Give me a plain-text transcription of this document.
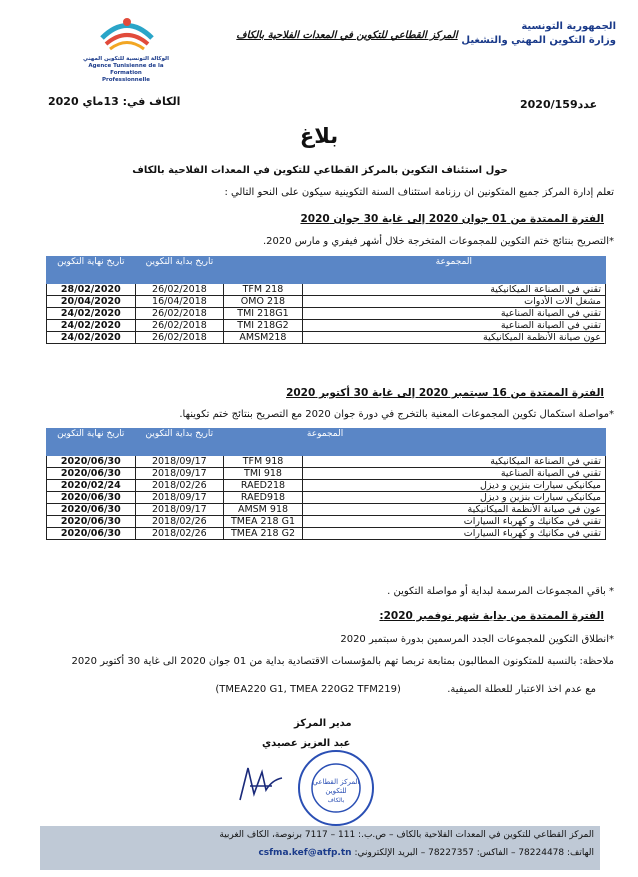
الجمهورية التونسية
وزارة التكوين المهني والتشغيل
المركز القطاعي للتكوين في المعدات الفلاحية بالكاف
الوكالة التونسية للتكوين المهني
Agence Tunisienne de la Formation
Professionnelle
عدد2020/159
الكاف في: 13ماي 2020
بلاغ
حول استئناف التكوين بالمركز القطاعي للتكوين في المعدات الفلاحية بالكاف
تعلم إدارة المركز جميع المتكونين ان رزنامة استئناف السنة التكوينية سيكون على النحو التالي :
الفترة الممتدة من 01 جوان 2020 إلى غاية 30 جوان 2020
*التصريح بنتائج ختم التكوين للمجموعات المتخرجة خلال أشهر فيفري و مارس 2020.
المجموعة		تاريخ بداية التكوين	تاريخ نهاية التكوين
تقني في الصناعة الميكانيكية	TFM 218	26/02/2018	28/02/2020
مشغل آلات الأدوات	OMO 218	16/04/2018	20/04/2020
تقني في الصيانة الصناعية	TMI 218G1	26/02/2018	24/02/2020
تقني في الصيانة الصناعية	TMI 218G2	26/02/2018	24/02/2020
عون صيانة الأنظمة الميكانيكية	AMSM218	26/02/2018	24/02/2020
الفترة الممتدة من 16 سبتمبر 2020 إلى غاية 30 أكتوبر 2020
*مواصلة استكمال تكوين المجموعات المعنية بالتخرج في دورة جوان 2020 مع التصريح بنتائج ختم تكوينها.
المجموعة		تاريخ بداية التكوين	تاريخ نهاية التكوين
تقني في الصناعة الميكانيكية	TFM 918	2018/09/17	2020/06/30
تقني في الصيانة الصناعية	TMI 918	2018/09/17	2020/06/30
ميكانيكي سيارات بنزين و ديزل	RAED218	2018/02/26	2020/02/24
ميكانيكي سيارات بنزين و ديزل	RAED918	2018/09/17	2020/06/30
عون في صيانة الأنظمة الميكانيكية	AMSM 918	2018/09/17	2020/06/30
تقني في مكانيك و كهرباء السيارات	TMEA 218 G1	2018/02/26	2020/06/30
تقني في مكانيك و كهرباء السيارات	TMEA 218 G2	2018/02/26	2020/06/30
* باقي المجموعات المرسمة لبداية أو مواصلة التكوين .
الفترة الممتدة من بداية شهر نوفمبر 2020:
*انطلاق التكوين للمجموعات الجدد المرسمين بدورة سبتمبر 2020
ملاحظة: بالنسبة للمتكونون المطالبون بمتابعة تربصا تهم بالمؤسسات الاقتصادية بداية من 01 جوان 2020 الى غاية 30 أكتوبر 2020
مع عدم اخذ الاعتبار للعطلة الصيفية.  (TMEA220 G1, TMEA 220G2 TFM219)
مدير المركز
عبد العزيز عصيدي
المركز القطاعي
للتكوين
بالكاف
المركز القطاعي للتكوين في المعدات الفلاحية بالكاف – ص.ب.: 111 – 7117 برنوصة، الكاف الغربية
الهاتف: 78224478 – الفاكس: 78227357 – البريد الإلكتروني: csfma.kef@atfp.tn
